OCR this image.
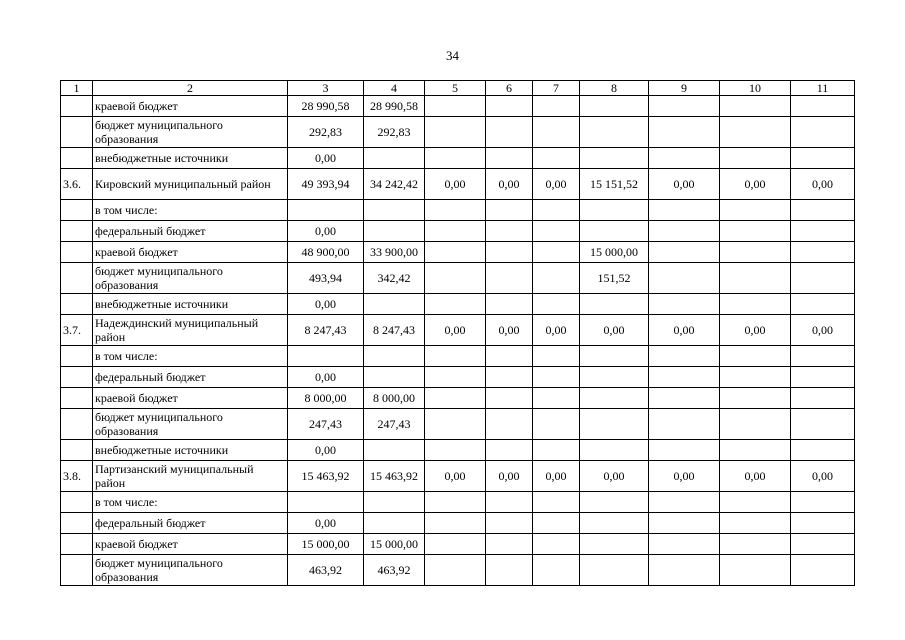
34
1	2	3	4	5	6	7	8	9	10	11
	краевой бюджет	28 990,58	28 990,58							
	бюджет муниципального образования	292,83	292,83							
	внебюджетные источники	0,00								
3.6.	Кировский муниципальный район	49 393,94	34 242,42	0,00	0,00	0,00	15 151,52	0,00	0,00	0,00
	в том числе:									
	федеральный бюджет	0,00								
	краевой бюджет	48 900,00	33 900,00				15 000,00			
	бюджет муниципального образования	493,94	342,42				151,52			
	внебюджетные источники	0,00								
3.7.	Надеждинский муниципальный район	8 247,43	8 247,43	0,00	0,00	0,00	0,00	0,00	0,00	0,00
	в том числе:									
	федеральный бюджет	0,00								
	краевой бюджет	8 000,00	8 000,00							
	бюджет муниципального образования	247,43	247,43							
	внебюджетные источники	0,00								
3.8.	Партизанский муниципальный район	15 463,92	15 463,92	0,00	0,00	0,00	0,00	0,00	0,00	0,00
	в том числе:									
	федеральный бюджет	0,00								
	краевой бюджет	15 000,00	15 000,00							
	бюджет муниципального образования	463,92	463,92							
